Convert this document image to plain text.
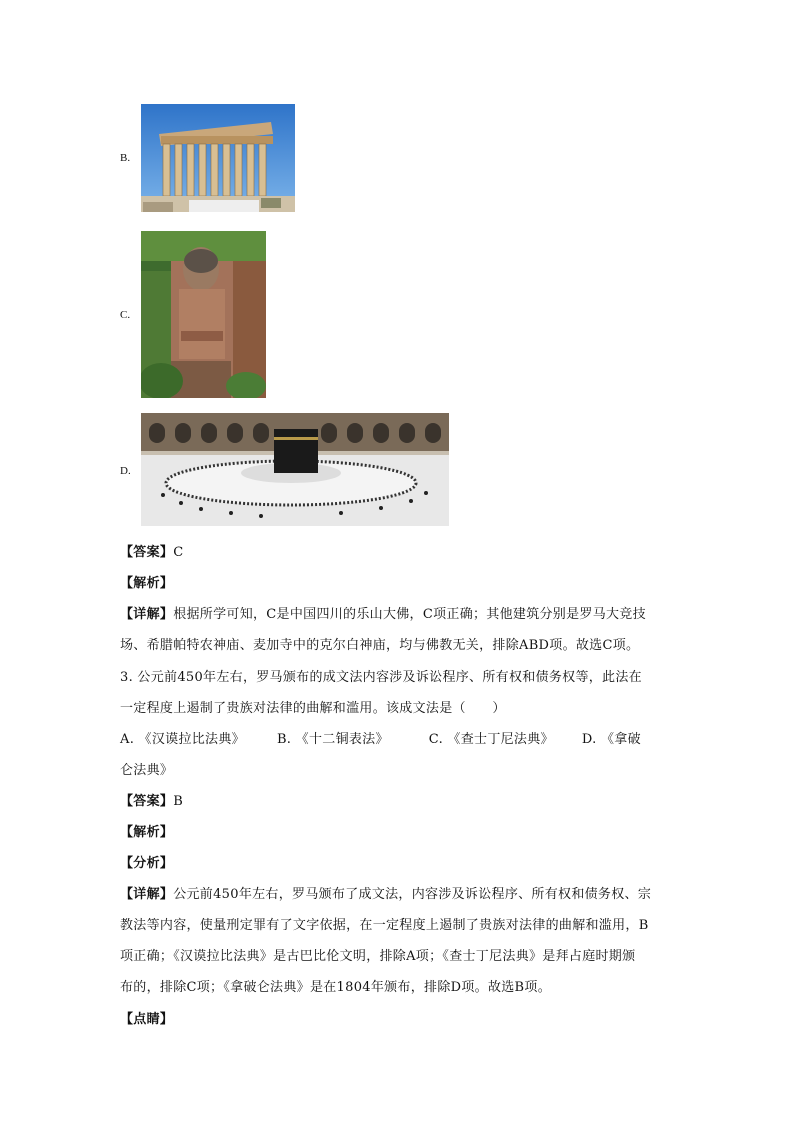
B.
C.
D.
【答案】C
【解析】
【详解】根据所学可知，C是中国四川的乐山大佛，C项正确；其他建筑分别是罗马大竞技
场、希腊帕特农神庙、麦加寺中的克尔白神庙，均与佛教无关，排除ABD项。故选C项。
3. 公元前450年左右，罗马颁布的成文法内容涉及诉讼程序、所有权和债务权等，此法在
一定程度上遏制了贵族对法律的曲解和滥用。该成文法是（　　）
A. 《汉谟拉比法典》 B. 《十二铜表法》	C. 《查士丁尼法典》 D. 《拿破
仑法典》
【答案】B
【解析】
【分析】
【详解】公元前450年左右，罗马颁布了成文法，内容涉及诉讼程序、所有权和债务权、宗
教法等内容，使量刑定罪有了文字依据，在一定程度上遏制了贵族对法律的曲解和滥用，B
项正确；《汉谟拉比法典》是古巴比伦文明，排除A项；《查士丁尼法典》是拜占庭时期颁
布的，排除C项；《拿破仑法典》是在1804年颁布，排除D项。故选B项。
【点睛】
